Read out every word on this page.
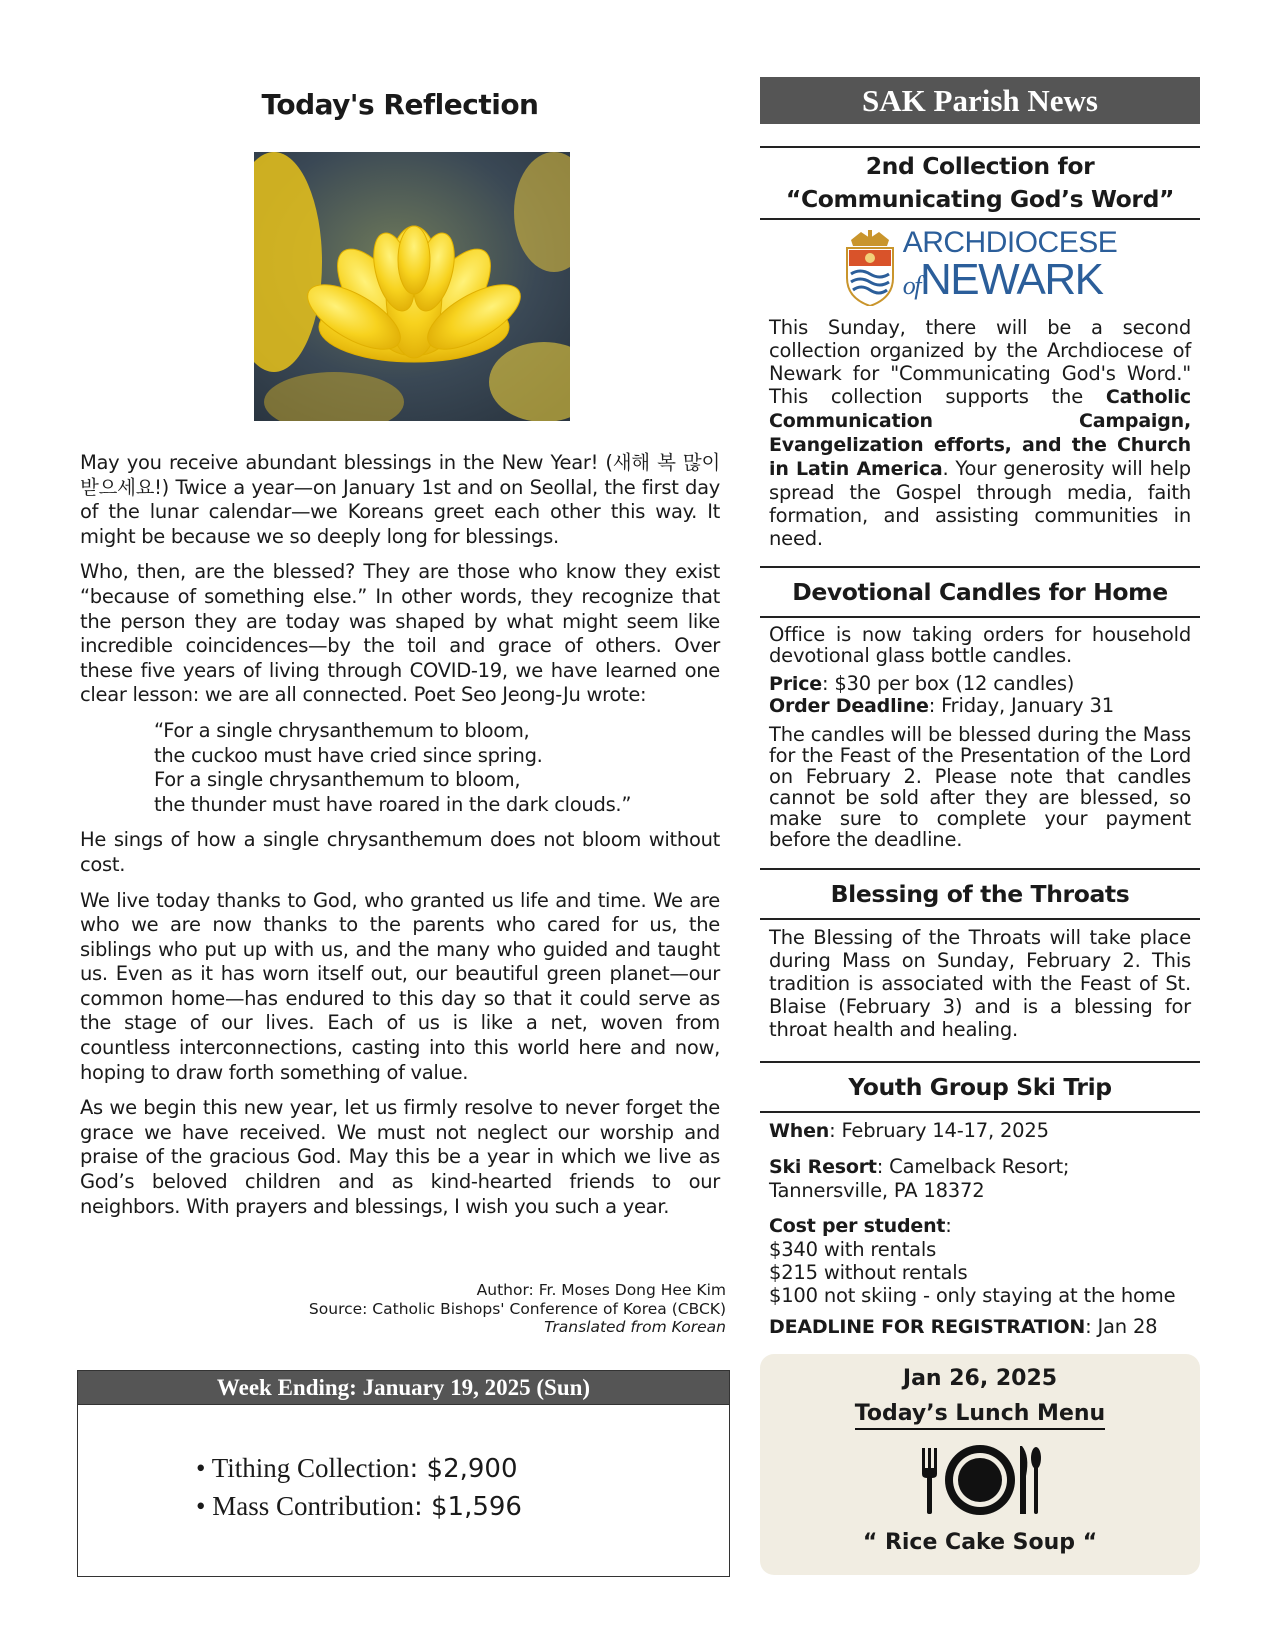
Today's Reflection

May you receive abundant blessings in the New Year! (새해 복 많이 받으세요!) Twice a year—on January 1st and on Seollal, the first day of the lunar calendar—we Koreans greet each other this way. It might be because we so deeply long for blessings.

Who, then, are the blessed? They are those who know they exist “because of something else.” In other words, they recognize that the person they are today was shaped by what might seem like incredible coincidences—by the toil and grace of others. Over these five years of living through COVID-19, we have learned one clear lesson: we are all connected. Poet Seo Jeong-Ju wrote:

“For a single chrysanthemum to bloom,
the cuckoo must have cried since spring.
For a single chrysanthemum to bloom,
the thunder must have roared in the dark clouds.”

He sings of how a single chrysanthemum does not bloom without cost.

We live today thanks to God, who granted us life and time. We are who we are now thanks to the parents who cared for us, the siblings who put up with us, and the many who guided and taught us. Even as it has worn itself out, our beautiful green planet—our common home—has endured to this day so that it could serve as the stage of our lives. Each of us is like a net, woven from countless interconnections, casting into this world here and now, hoping to draw forth something of value.

As we begin this new year, let us firmly resolve to never forget the grace we have received. We must not neglect our worship and praise of the gracious God. May this be a year in which we live as God’s beloved children and as kind-hearted friends to our neighbors. With prayers and blessings, I wish you such a year.

Author: Fr. Moses Dong Hee Kim
Source: Catholic Bishops' Conference of Korea (CBCK)
Translated from Korean
Week Ending: January 19, 2025 (Sun)
• Tithing Collection: $2,900
• Mass Contribution: $1,596
SAK Parish News
2nd Collection for
“Communicating God’s Word”
ARCHDIOCESE
ofNEWARK

This Sunday, there will be a second collection organized by the Archdiocese of Newark for "Communicating God's Word." This collection supports the Catholic Communication Campaign, Evangelization efforts, and the Church in Latin America. Your generosity will help spread the Gospel through media, faith formation, and assisting communities in need.

Devotional Candles for Home

Office is now taking orders for household devotional glass bottle candles.

Price: $30 per box (12 candles)
Order Deadline: Friday, January 31

The candles will be blessed during the Mass for the Feast of the Presentation of the Lord on February 2. Please note that candles cannot be sold after they are blessed, so make sure to complete your payment before the deadline.

Blessing of the Throats

The Blessing of the Throats will take place during Mass on Sunday, February 2. This tradition is associated with the Feast of St. Blaise (February 3) and is a blessing for throat health and healing.

Youth Group Ski Trip

When: February 14-17, 2025

Ski Resort: Camelback Resort; Tannersville, PA 18372

Cost per student:
$340 with rentals
$215 without rentals
$100 not skiing - only staying at the home

DEADLINE FOR REGISTRATION: Jan 28

Jan 26, 2025
Today’s Lunch Menu
“ Rice Cake Soup “
